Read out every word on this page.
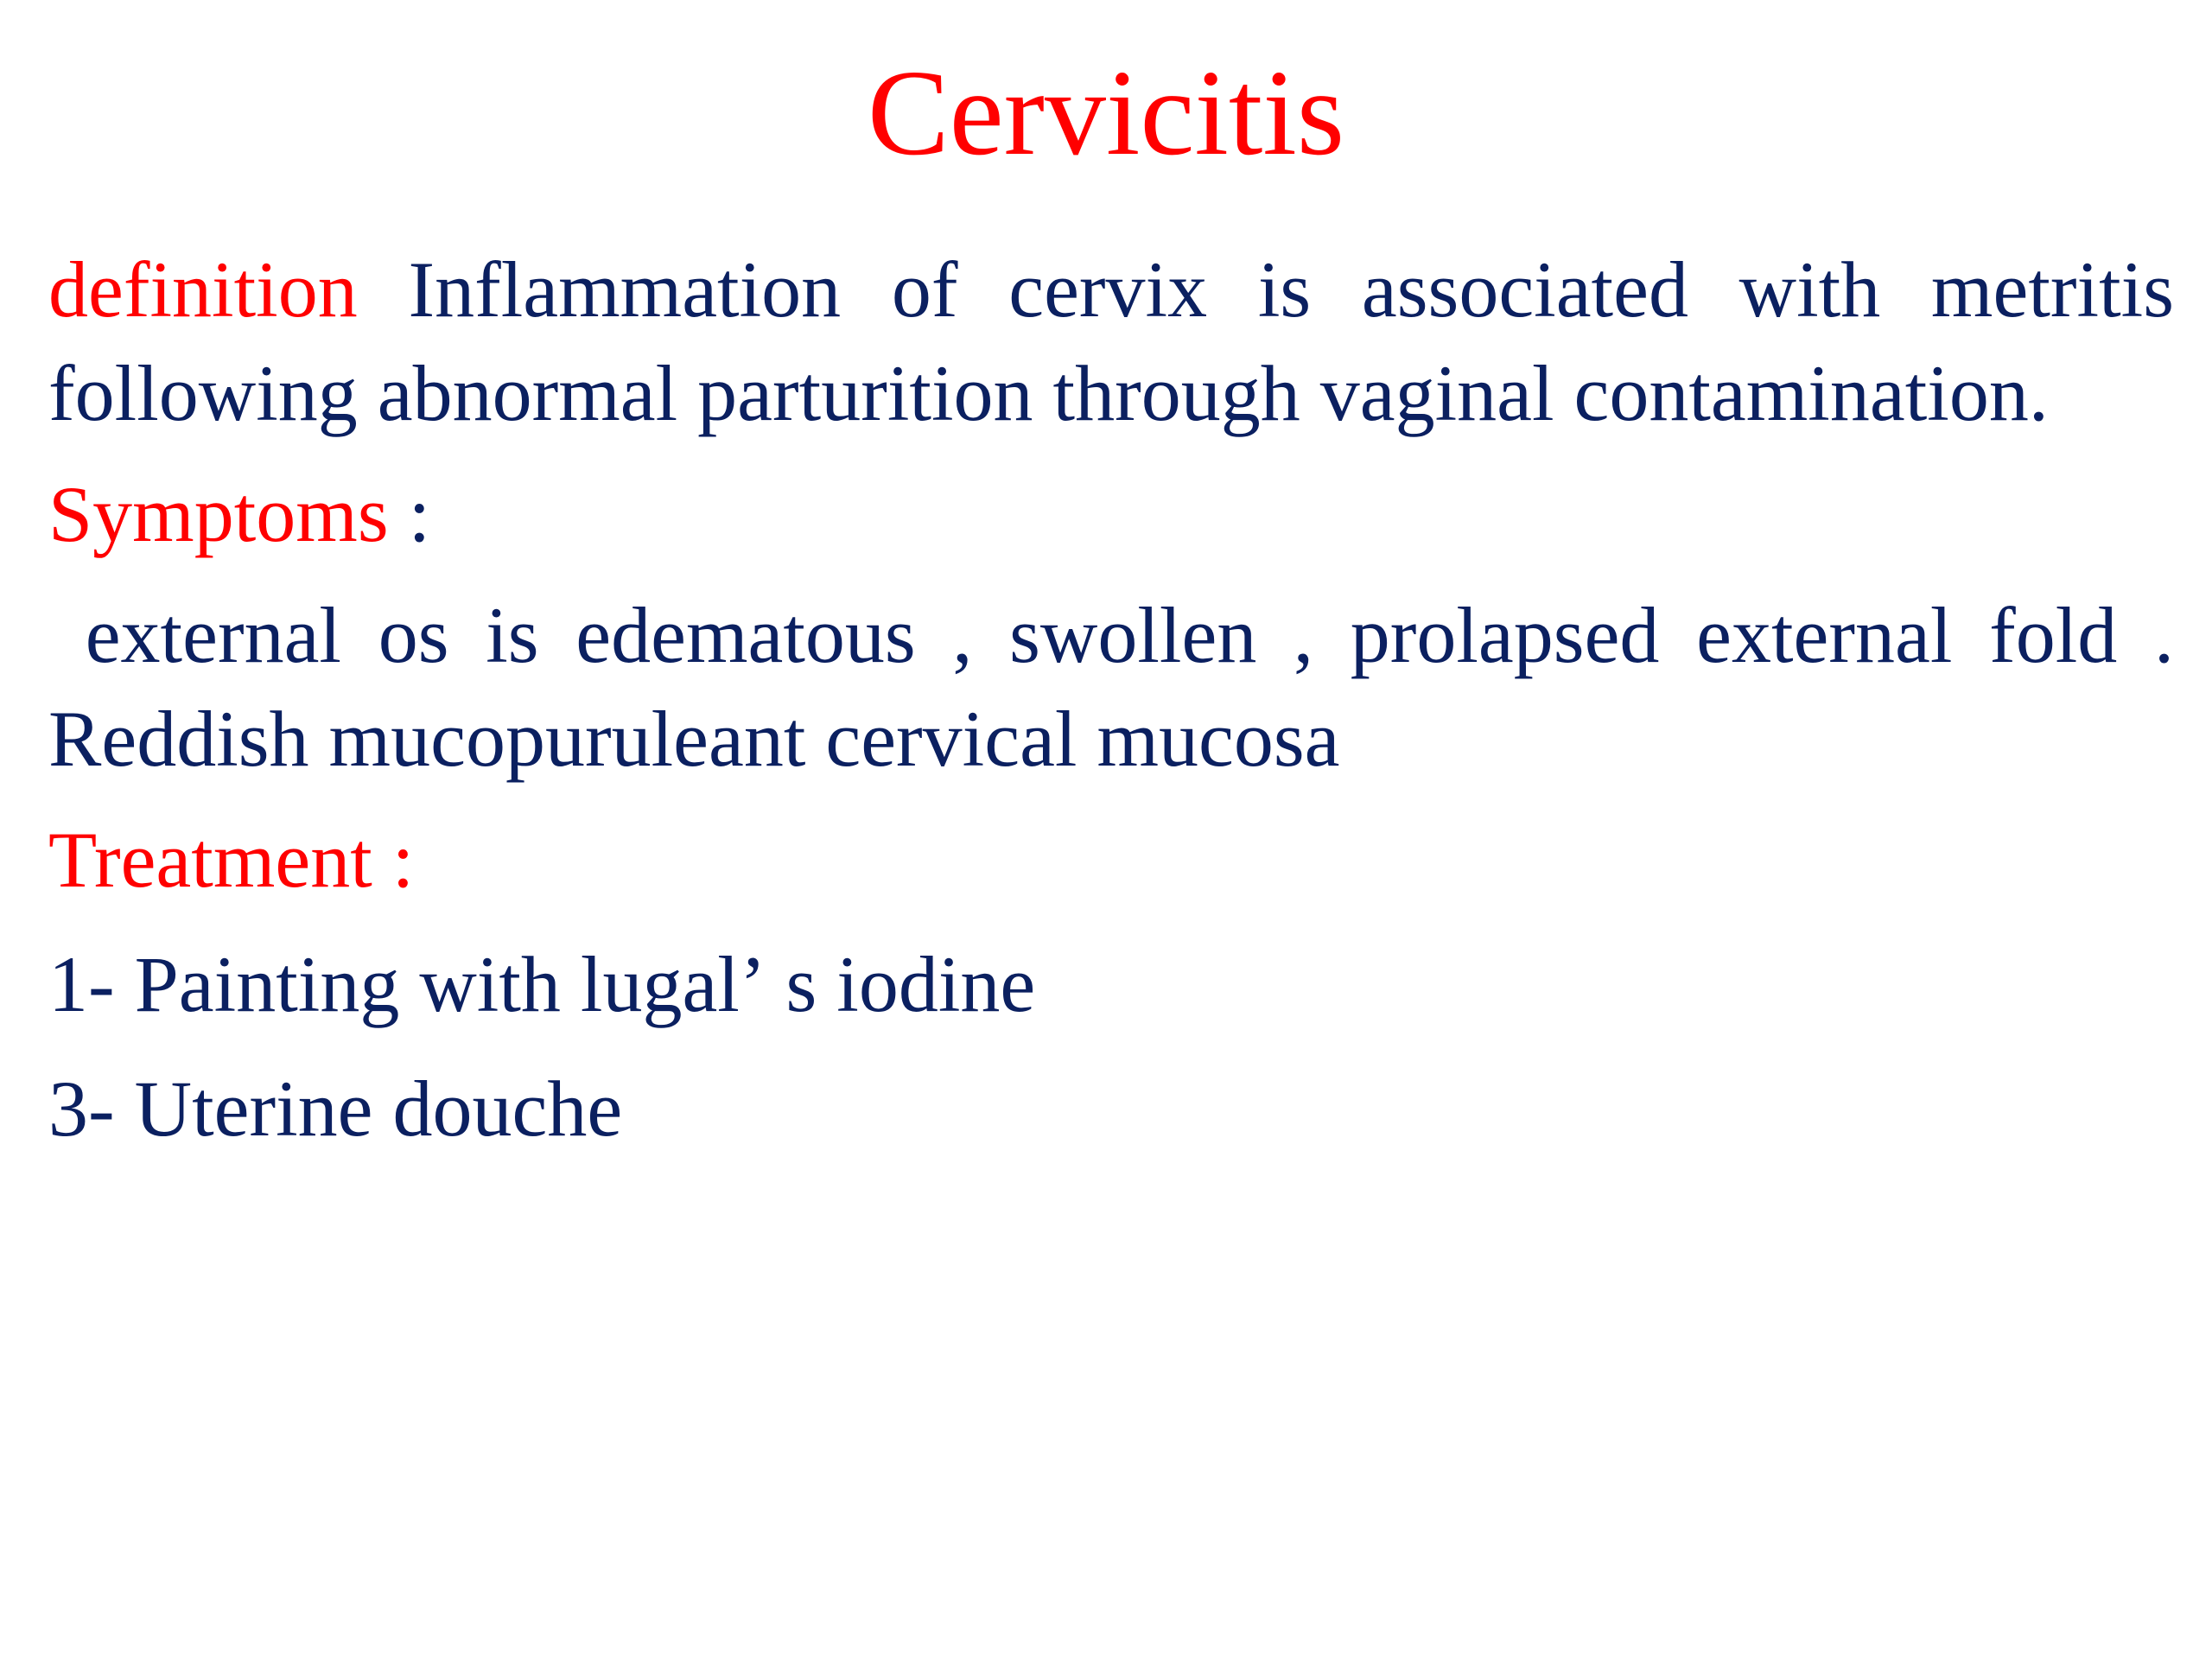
Cervicitis

definition Inflammation of cervix is associated with metritis following abnormal parturition through vaginal contamination.

Symptoms :

external os is edematous , swollen , prolapsed external fold . Reddish mucopuruleant cervical mucosa

Treatment :

1- Painting with lugalʼ s iodine

3- Uterine douche
